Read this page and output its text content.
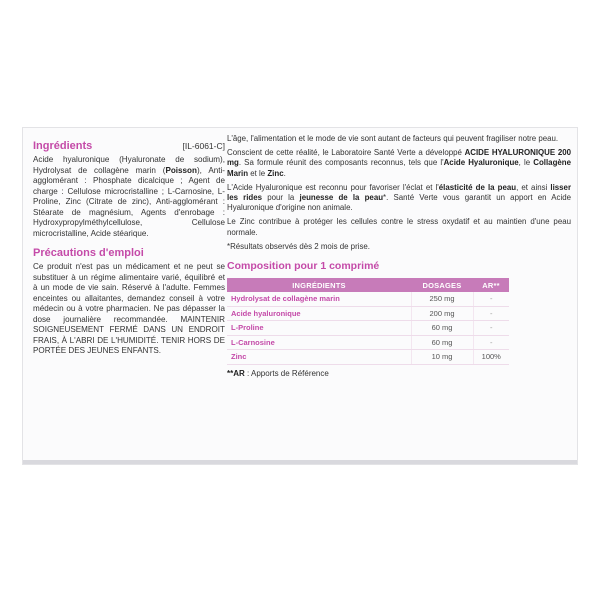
Ingrédients	[IL-6061-C]

Acide hyaluronique (Hyaluronate de sodium), Hydrolysat de collagène marin (Poisson), Anti-agglomérant : Phosphate dicalcique ; Agent de charge : Cellulose microcristalline ; L-Carnosine, L-Proline, Zinc (Citrate de zinc), Anti-agglomérant : Stéarate de magnésium, Agents d'enrobage : Hydroxypropylméthylcellulose, Cellulose microcristalline, Acide stéarique.

Précautions d'emploi

Ce produit n'est pas un médicament et ne peut se substituer à un régime alimentaire varié, équilibré et à un mode de vie sain. Réservé à l'adulte. Femmes enceintes ou allaitantes, demandez conseil à votre médecin ou à votre pharmacien. Ne pas dépasser la dose journalière recommandée. MAINTENIR SOIGNEUSEMENT FERMÉ DANS UN ENDROIT FRAIS, À L'ABRI DE L'HUMIDITÉ. TENIR HORS DE PORTÉE DES JEUNES ENFANTS.

L'âge, l'alimentation et le mode de vie sont autant de facteurs qui peuvent fragiliser notre peau.

Conscient de cette réalité, le Laboratoire Santé Verte a développé ACIDE HYALURONIQUE 200 mg. Sa formule réunit des composants reconnus, tels que l'Acide Hyaluronique, le Collagène Marin et le Zinc.

L'Acide Hyaluronique est reconnu pour favoriser l'éclat et l'élasticité de la peau, et ainsi lisser les rides pour la jeunesse de la peau*. Santé Verte vous garantit un apport en Acide Hyaluronique d'origine non animale.

Le Zinc contribue à protéger les cellules contre le stress oxydatif et au maintien d'une peau normale.

*Résultats observés dès 2 mois de prise.

Composition pour 1 comprimé
INGRÉDIENTS	DOSAGES	AR**
Hydrolysat de collagène marin	250 mg	-
Acide hyaluronique	200 mg	-
L-Proline	60 mg	-
L-Carnosine	60 mg	-
Zinc	10 mg	100%
**AR : Apports de Référence
